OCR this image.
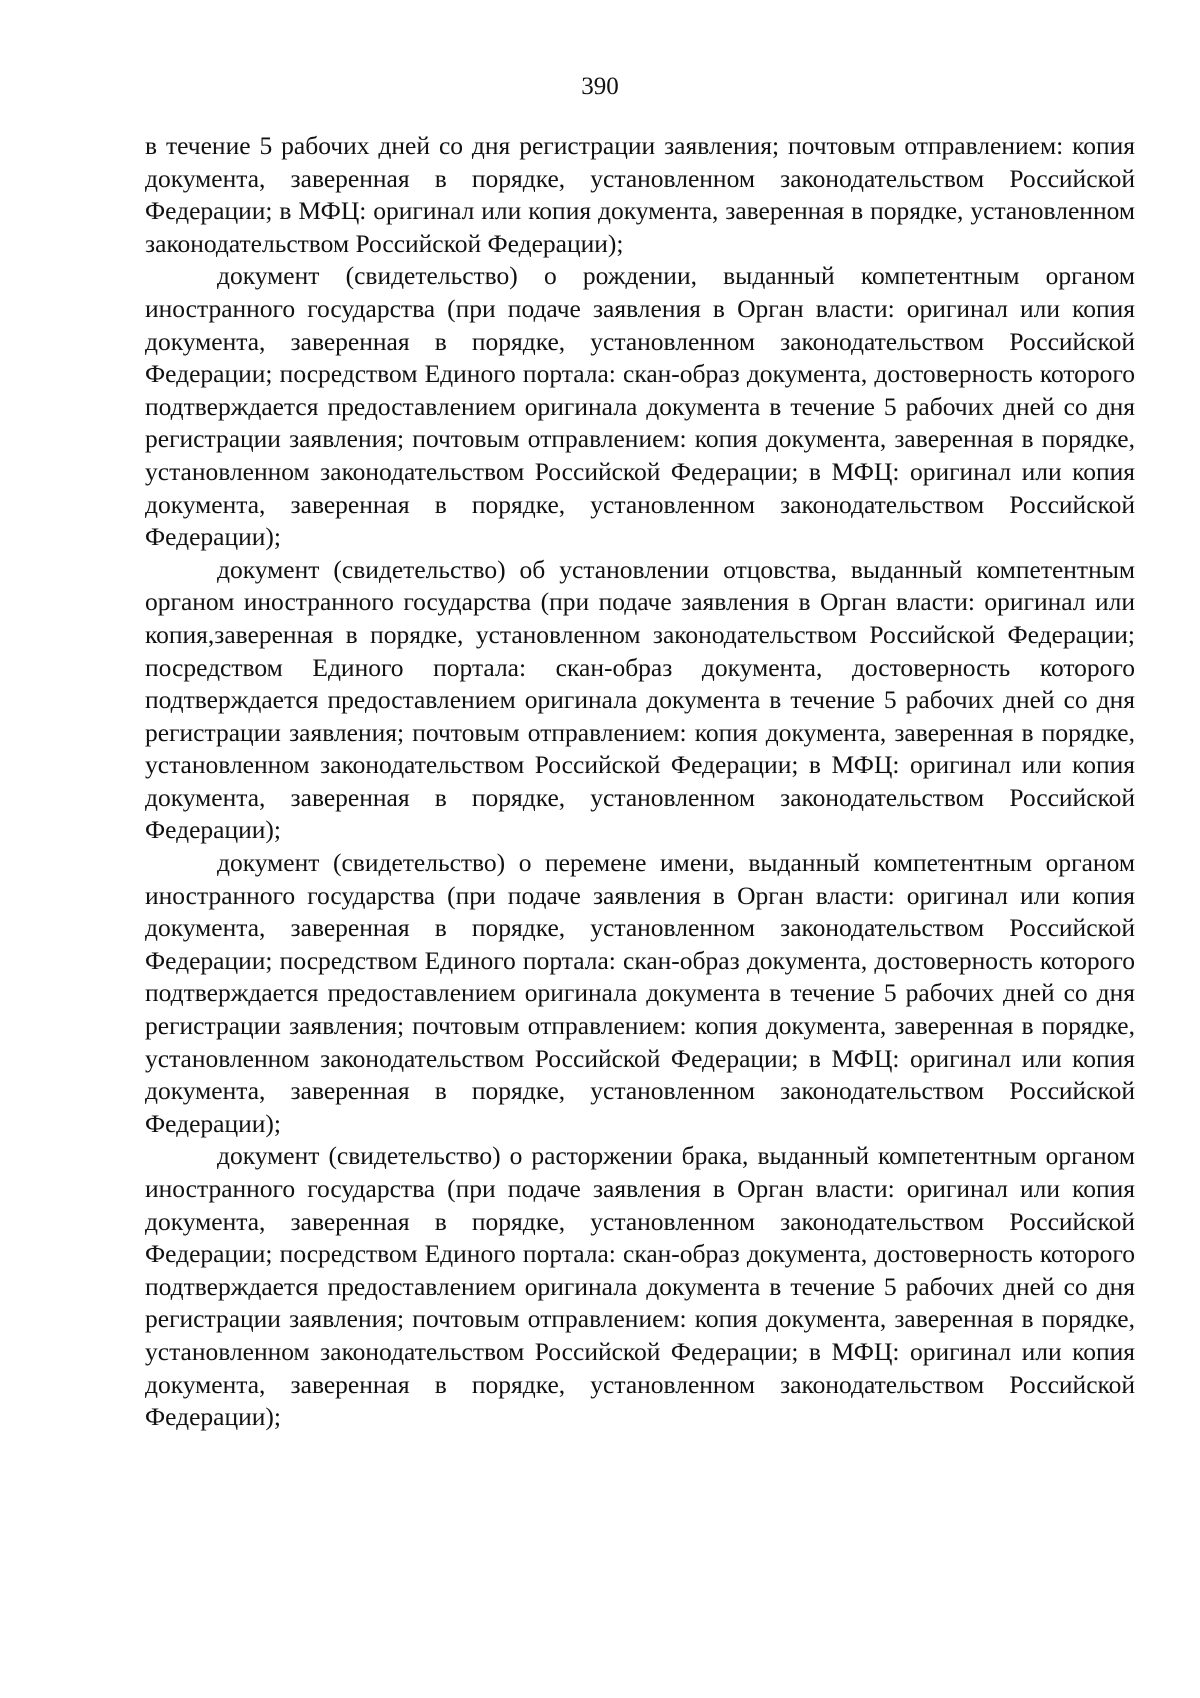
390

в течение 5 рабочих дней со дня регистрации заявления; почтовым отправлением: копия документа, заверенная в порядке, установленном законодательством Российской Федерации; в МФЦ: оригинал или копия документа, заверенная в порядке, установленном законодательством Российской Федерации);

документ (свидетельство) о рождении, выданный компетентным органом иностранного государства (при подаче заявления в Орган власти: оригинал или копия документа, заверенная в порядке, установленном законодательством Российской Федерации; посредством Единого портала: скан-образ документа, достоверность которого подтверждается предоставлением оригинала документа в течение 5 рабочих дней со дня регистрации заявления; почтовым отправлением: копия документа, заверенная в порядке, установленном законодательством Российской Федерации; в МФЦ: оригинал или копия документа, заверенная в порядке, установленном законодательством Российской Федерации);

документ (свидетельство) об установлении отцовства, выданный компетентным органом иностранного государства (при подаче заявления в Орган власти: оригинал или копия,заверенная в порядке, установленном законодательством Российской Федерации; посредством Единого портала: скан-образ документа, достоверность которого подтверждается предоставлением оригинала документа в течение 5 рабочих дней со дня регистрации заявления; почтовым отправлением: копия документа, заверенная в порядке, установленном законодательством Российской Федерации; в МФЦ: оригинал или копия документа, заверенная в порядке, установленном законодательством Российской Федерации);

документ (свидетельство) о перемене имени, выданный компетентным органом иностранного государства (при подаче заявления в Орган власти: оригинал или копия документа, заверенная в порядке, установленном законодательством Российской Федерации; посредством Единого портала: скан-образ документа, достоверность которого подтверждается предоставлением оригинала документа в течение 5 рабочих дней со дня регистрации заявления; почтовым отправлением: копия документа, заверенная в порядке, установленном законодательством Российской Федерации; в МФЦ: оригинал или копия документа, заверенная в порядке, установленном законодательством Российской Федерации);

документ (свидетельство) о расторжении брака, выданный компетентным органом иностранного государства (при подаче заявления в Орган власти: оригинал или копия документа, заверенная в порядке, установленном законодательством Российской Федерации; посредством Единого портала: скан-образ документа, достоверность которого подтверждается предоставлением оригинала документа в течение 5 рабочих дней со дня регистрации заявления; почтовым отправлением: копия документа, заверенная в порядке, установленном законодательством Российской Федерации; в МФЦ: оригинал или копия документа, заверенная в порядке, установленном законодательством Российской Федерации);
